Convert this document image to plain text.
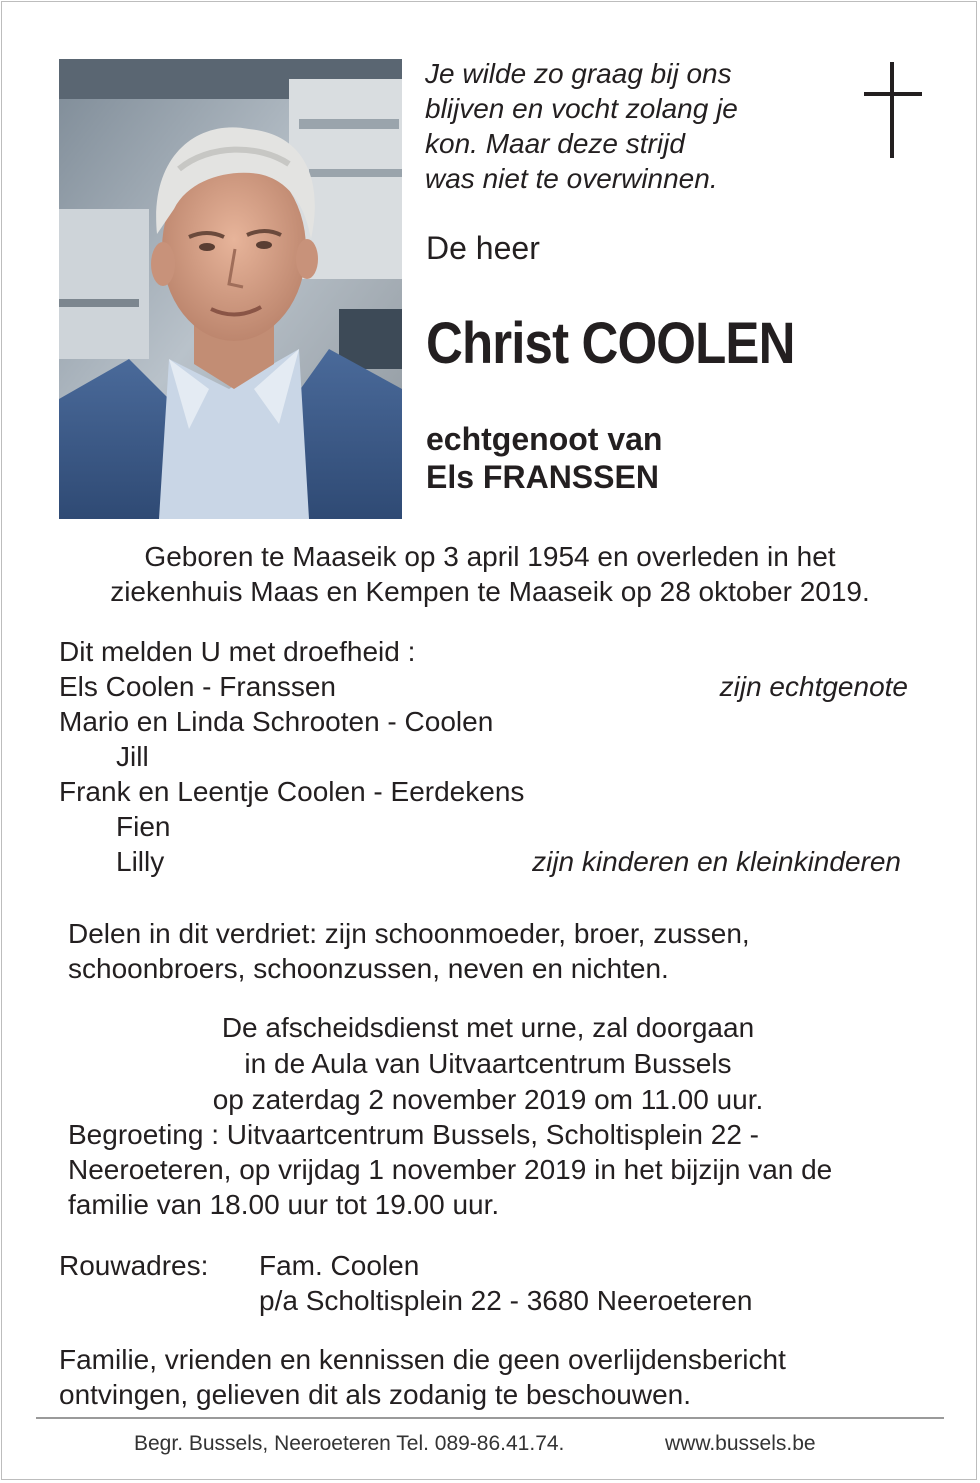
Je wilde zo graag bij ons
blijven en vocht zolang je
kon. Maar deze strijd
was niet te overwinnen.
De heer
Christ COOLEN
echtgenoot van
Els FRANSSEN
Geboren te Maaseik op 3 april 1954 en overleden in het
ziekenhuis Maas en Kempen te Maaseik op 28 oktober 2019.
Dit melden U met droefheid :
Els Coolen - Franssen	zijn echtgenote
Mario en Linda Schrooten - Coolen
Jill
Frank en Leentje Coolen - Eerdekens
Fien
Lilly	zijn kinderen en kleinkinderen
Delen in dit verdriet: zijn schoonmoeder, broer, zussen,
schoonbroers, schoonzussen, neven en nichten.
De afscheidsdienst met urne, zal doorgaan
in de Aula van Uitvaartcentrum Bussels
op zaterdag 2 november 2019 om 11.00 uur.
Begroeting : Uitvaartcentrum Bussels, Scholtisplein 22 -
Neeroeteren, op vrijdag 1 november 2019 in het bijzijn van de
familie van 18.00 uur tot 19.00 uur.
Rouwadres: Fam. Coolen
p/a Scholtisplein 22 - 3680 Neeroeteren
Familie, vrienden en kennissen die geen overlijdensbericht
ontvingen, gelieven dit als zodanig te beschouwen.
Begr. Bussels, Neeroeteren Tel. 089-86.41.74.	www.bussels.be
